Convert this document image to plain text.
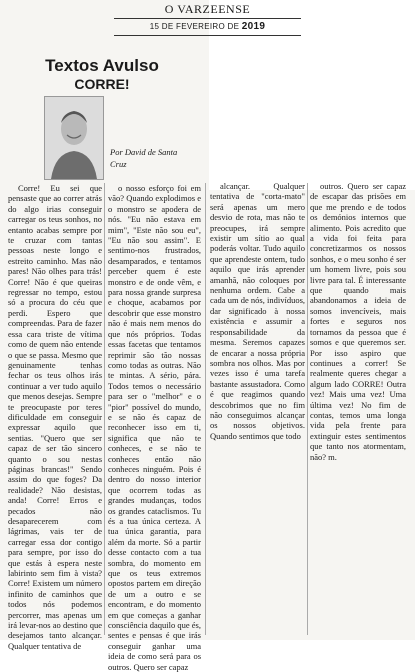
O VARZEENSE
15 DE FEVEREIRO DE 2019
Textos Avulso
CORRE!
Por David de Santa Cruz

Corre! Eu sei que pensaste que ao correr atrás do algo irias conseguir carregar os teus sonhos, no entanto acabas sempre por te cruzar com tantas pessoas neste longo e estreito caminho. Mas não pares! Não olhes para trás! Corre! Não é que queiras regressar no tempo, estou só a procura do céu que perdi. Espero que compreendas. Para de fazer essa cara triste de vítima como de quem não entende o que se passa. Mesmo que genuinamente tenhas fechar os teus olhos irás continuar a ver tudo aquilo que menos desejas. Sempre te preocupaste por teres dificuldade em conseguir expressar aquilo que sentias. "Quero que ser capaz de ser tão sincero quanto o sou nestas páginas brancas!" Sendo assim do que foges? Da realidade? Não desistas, anda! Corre! Erros e pecados não desaparecerem com lágrimas, vais ter de carregar essa dor contigo para sempre, por isso do que estás à espera neste labirinto sem fim à vista? Corre! Existem um número infinito de caminhos que todos nós podemos percorrer, mas apenas um irá levar-nos ao destino que desejamos tanto alcançar. Qualquer tentativa de

o nosso esforço foi em vão? Quando explodimos e o monstro se apodera de nós. "Eu não estava em mim", "Este não sou eu", "Eu não sou assim". E sentimo-nos frustrados, desamparados, e tentamos perceber quem é este monstro e de onde vêm, e para nossa grande surpresa e choque, acabamos por descobrir que esse monstro não é mais nem menos do que nós próprios. Todas essas facetas que tentamos reprimir são tão nossas como todas as outras. Não te mintas. A sério, pára. Todos temos o necessário para ser o "melhor" e o "pior" possível do mundo, e se não és capaz de reconhecer isso em ti, significa que não te conheces, e se não te conheces então não conheces ninguém. Pois é dentro do nosso interior que ocorrem todas as grandes mudanças, todos os grandes cataclismos. Tu és a tua única certeza. A tua única garantia, para além da morte. Só a partir desse contacto com a tua sombra, do momento em que os teus extremos opostos partem em direção de um a outro e se encontram, e do momento em que começas a ganhar consciência daquilo que és, sentes e pensas é que irás conseguir ganhar uma ideia de como será para os outros. Quero ser capaz

alcançar. Qualquer tentativa de "corta-mato" será apenas um mero desvio de rota, mas não te preocupes, irá sempre existir um sítio ao qual poderás voltar. Tudo aquilo que aprendeste ontem, tudo aquilo que irás aprender amanhã, não coloques por nenhuma ordem. Cabe a cada um de nós, indivíduos, dar significado à nossa existência e assumir a responsabilidade da mesma. Seremos capazes de encarar a nossa própria sombra nos olhos. Mas por vezes isso é uma tarefa bastante assustadora. Como é que reagimos quando descobrimos que no fim não conseguimos alcançar os nossos objetivos. Quando sentimos que todo

outros. Quero ser capaz de escapar das prisões em que me prendo e de todos os demónios internos que alimento. Pois acredito que a vida foi feita para concretizarmos os nossos sonhos, e o meu sonho é ser um homem livre, pois sou livre para tal. É interessante que quando mais abandonamos a ideia de somos invencíveis, mais fortes e seguros nos tornamos da pessoa que é somos e que queremos ser. Por isso aspiro que continues a correr! Se realmente queres chegar a algum lado CORRE! Outra vez! Mais uma vez! Uma última vez! No fim de contas, temos uma longa vida pela frente para extinguir estes sentimentos que tanto nos atormentam, não? m.
